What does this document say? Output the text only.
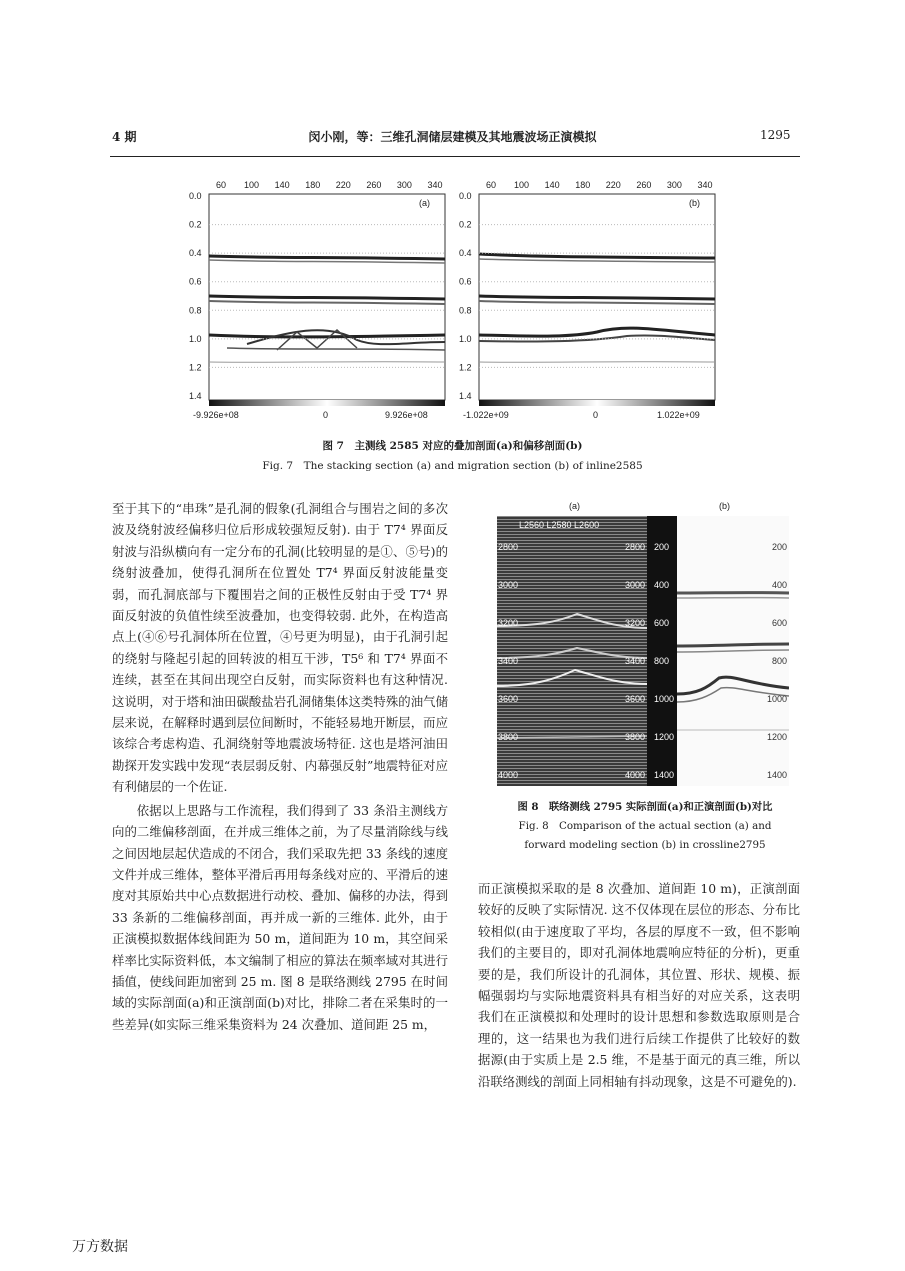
4 期	闵小刚，等：三维孔洞储层建模及其地震波场正演模拟	1295
(a)
60 100 140 180 220 260 300 340
0.0
0.2
0.4
0.6
0.8
1.0
1.2
1.4
-9.926e+08	0	9.926e+08
(b)
60 100 140 180 220 260 300 340
0.0
0.2
0.4
0.6
0.8
1.0
1.2
1.4
-1.022e+09	0	1.022e+09
图 7　主测线 2585 对应的叠加剖面(a)和偏移剖面(b)
Fig. 7　The stacking section (a) and migration section (b) of inline2585

至于其下的“串珠”是孔洞的假象(孔洞组合与围岩之间的多次波及绕射波经偏移归位后形成较强短反射). 由于 T7⁴ 界面反射波与沿纵横向有一定分布的孔洞(比较明显的是①、⑤号)的绕射波叠加，使得孔洞所在位置处 T7⁴ 界面反射波能量变弱，而孔洞底部与下覆围岩之间的正极性反射由于受 T7⁴ 界面反射波的负值性续至波叠加，也变得较弱. 此外，在构造高点上(④⑥号孔洞体所在位置，④号更为明显)，由于孔洞引起的绕射与隆起引起的回转波的相互干涉，T5⁶ 和 T7⁴ 界面不连续，甚至在其间出现空白反射，而实际资料也有这种情况. 这说明，对于塔和油田碳酸盐岩孔洞储集体这类特殊的油气储层来说，在解释时遇到层位间断时，不能轻易地开断层，而应该综合考虑构造、孔洞绕射等地震波场特征. 这也是塔河油田勘探开发实践中发现“表层弱反射、内幕强反射”地震特征对应有利储层的一个佐证.

依据以上思路与工作流程，我们得到了 33 条沿主测线方向的二维偏移剖面，在并成三维体之前，为了尽量消除线与线之间因地层起伏造成的不闭合，我们采取先把 33 条线的速度文件并成三维体，整体平滑后再用每条线对应的、平滑后的速度对其原始共中心点数据进行动校、叠加、偏移的办法，得到 33 条新的二维偏移剖面，再并成一新的三维体. 此外，由于正演模拟数据体线间距为 50 m，道间距为 10 m，其空间采样率比实际资料低，本文编制了相应的算法在频率域对其进行插值，使线间距加密到 25 m. 图 8 是联络测线 2795 在时间域的实际剖面(a)和正演剖面(b)对比，排除二者在采集时的一些差异(如实际三维采集资料为 24 次叠加、道间距 25 m，

(a)	(b)
L2560 L2580 L2600
2800
3000
3200
3400
3600
3800
4000
2800
3000
3200
3400
3600
3800
4000
200
400
600
800
1000
1200
1400
200
400
600
800
1000
1200
1400
图 8　联络测线 2795 实际剖面(a)和正演剖面(b)对比
Fig. 8　Comparison of the actual section (a) and
forward modeling section (b) in crossline2795

而正演模拟采取的是 8 次叠加、道间距 10 m)，正演剖面较好的反映了实际情况. 这不仅体现在层位的形态、分布比较相似(由于速度取了平均，各层的厚度不一致，但不影响我们的主要目的，即对孔洞体地震响应特征的分析)，更重要的是，我们所设计的孔洞体，其位置、形状、规模、振幅强弱均与实际地震资料具有相当好的对应关系，这表明我们在正演模拟和处理时的设计思想和参数选取原则是合理的，这一结果也为我们进行后续工作提供了比较好的数据源(由于实质上是 2.5 维，不是基于面元的真三维，所以沿联络测线的剖面上同相轴有抖动现象，这是不可避免的).

万方数据
